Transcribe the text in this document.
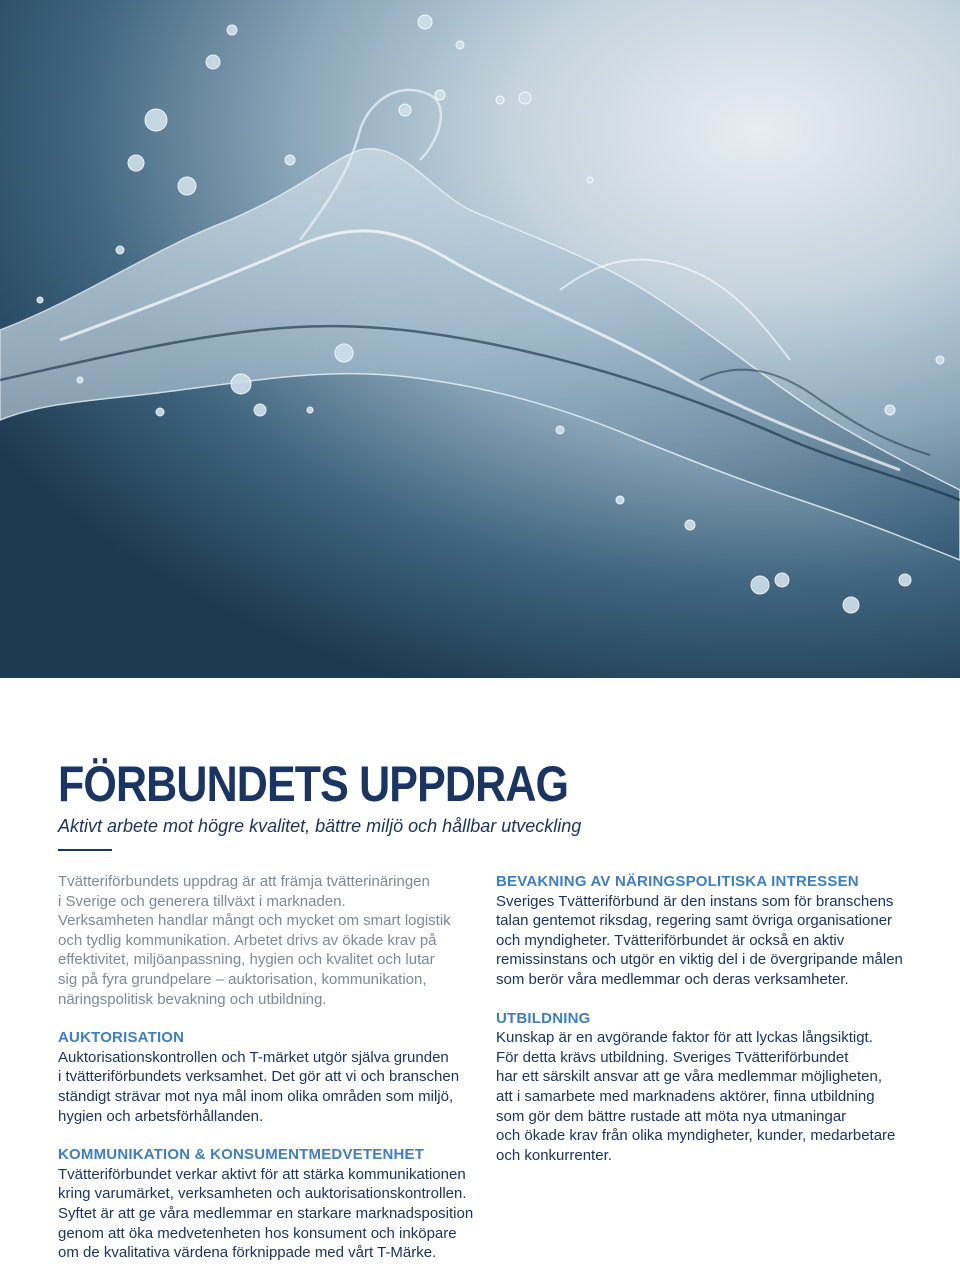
FÖRBUNDETS UPPDRAG

Aktivt arbete mot högre kvalitet, bättre miljö och hållbar utveckling

Tvätteriförbundets uppdrag är att främja tvätterinäringen

i Sverige och generera tillväxt i marknaden.

Verksamheten handlar mångt och mycket om smart logistik

och tydlig kommunikation. Arbetet drivs av ökade krav på

effektivitet, miljöanpassning, hygien och kvalitet och lutar

sig på fyra grundpelare – auktorisation, kommunikation,

näringspolitisk bevakning och utbildning.

AUKTORISATION

Auktorisationskontrollen och T-märket utgör själva grunden

i tvätteriförbundets verksamhet. Det gör att vi och branschen

ständigt strävar mot nya mål inom olika områden som miljö,

hygien och arbetsförhållanden.

KOMMUNIKATION & KONSUMENTMEDVETENHET

Tvätteriförbundet verkar aktivt för att stärka kommunikationen

kring varumärket, verksamheten och auktorisationskontrollen.

Syftet är att ge våra medlemmar en starkare marknadsposition

genom att öka medvetenheten hos konsument och inköpare

om de kvalitativa värdena förknippade med vårt T-Märke.

BEVAKNING AV NÄRINGSPOLITISKA INTRESSEN

Sveriges Tvätteriförbund är den instans som för branschens

talan gentemot riksdag, regering samt övriga organisationer

och myndigheter. Tvätteriförbundet är också en aktiv

remissinstans och utgör en viktig del i de övergripande målen

som berör våra medlemmar och deras verksamheter.

UTBILDNING

Kunskap är en avgörande faktor för att lyckas långsiktigt.

För detta krävs utbildning. Sveriges Tvätteriförbundet

har ett särskilt ansvar att ge våra medlemmar möjligheten,

att i samarbete med marknadens aktörer, finna utbildning

som gör dem bättre rustade att möta nya utmaningar

och ökade krav från olika myndigheter, kunder, medarbetare

och konkurrenter.
